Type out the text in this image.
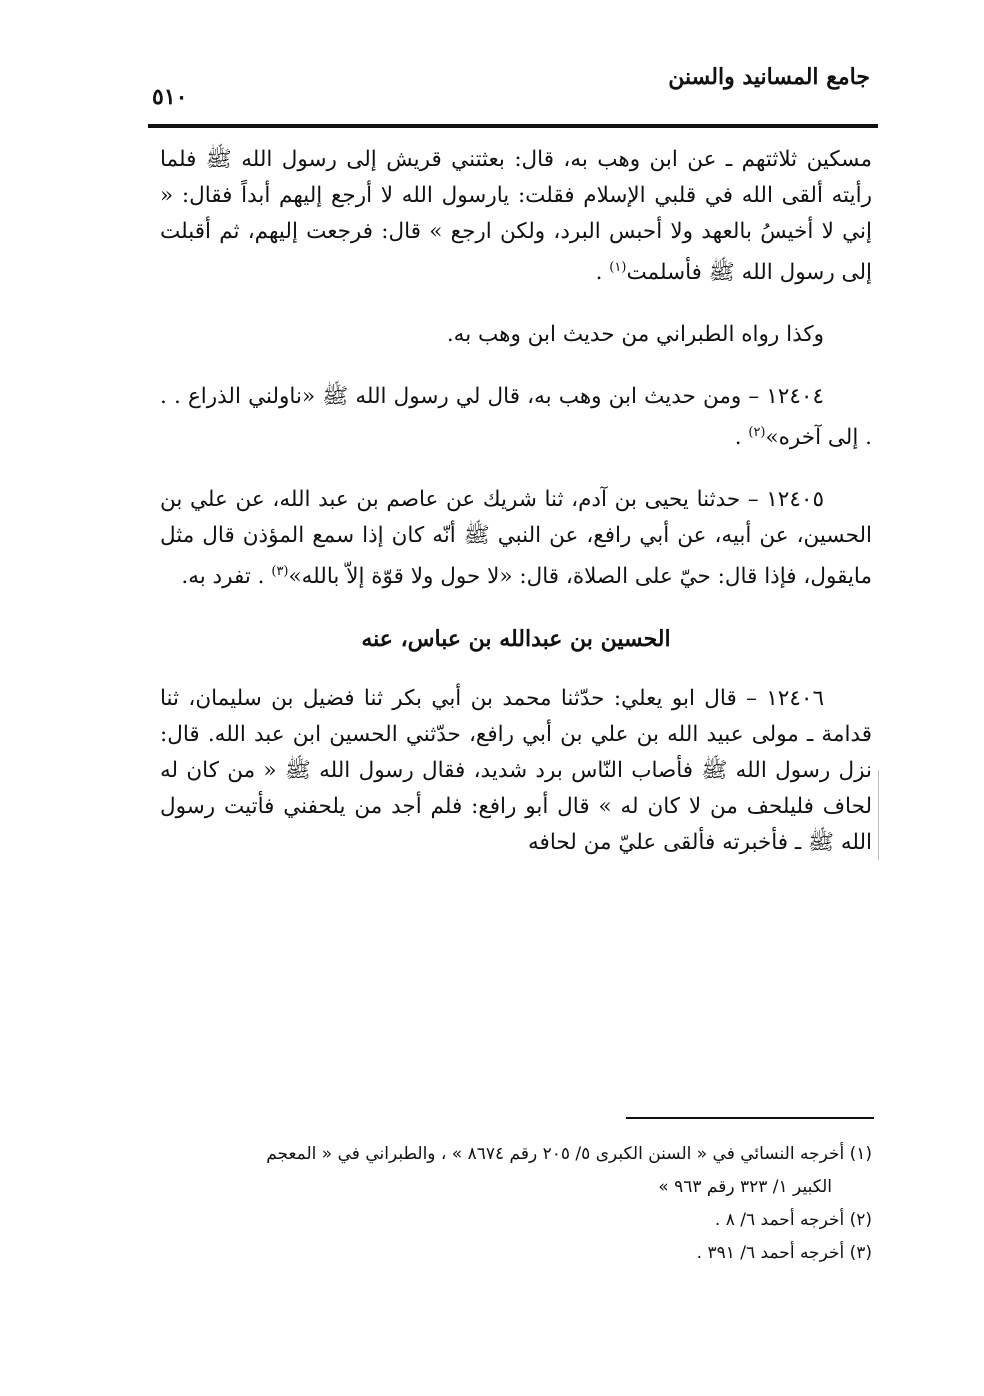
جامع المسانيد والسنن
٥١٠

مسكين ثلاثتهم ـ عن ابن وهب به، قال: بعثتني قريش إلى رسول الله ﷺ فلما رأيته ألقى الله في قلبي الإسلام فقلت: يارسول الله لا أرجع إليهم أبداً فقال: « إني لا أخيسُ بالعهد ولا أحبس البرد، ولكن ارجع » قال: فرجعت إليهم، ثم أقبلت إلى رسول الله ﷺ فأسلمت$^{(١)}$ .

وكذا رواه الطبراني من حديث ابن وهب به.

١٢٤٠٤ – ومن حديث ابن وهب به، قال لي رسول الله ﷺ «ناولني الذراع . . . إلى آخره»$^{(٢)}$ .

١٢٤٠٥ – حدثنا يحيى بن آدم، ثنا شريك عن عاصم بن عبد الله، عن علي بن الحسين، عن أبيه، عن أبي رافع، عن النبي ﷺ أنّه كان إذا سمع المؤذن قال مثل مايقول، فإذا قال: حيّ على الصلاة، قال: «لا حول ولا قوّة إلاّ بالله»$^{(٣)}$ . تفرد به.

الحسين بن عبدالله بن عباس، عنه

١٢٤٠٦ – قال ابو يعلي: حدّثنا محمد بن أبي بكر ثنا فضيل بن سليمان، ثنا قدامة ـ مولى عبيد الله بن علي بن أبي رافع، حدّثني الحسين ابن عبد الله. قال: نزل رسول الله ﷺ فأصاب النّاس برد شديد، فقال رسول الله ﷺ « من كان له لحاف فليلحف من لا كان له » قال أبو رافع: فلم أجد من يلحفني فأتيت رسول الله ﷺ ـ فأخبرته فألقى عليّ من لحافه

(١) أخرجه النسائي في « السنن الكبرى ٥/ ٢٠٥ رقم ٨٦٧٤ » ، والطبراني في « المعجم

الكبير ١/ ٣٢٣ رقم ٩٦٣ »

(٢) أخرجه أحمد ٦/ ٨ .

(٣) أخرجه أحمد ٦/ ٣٩١ .
